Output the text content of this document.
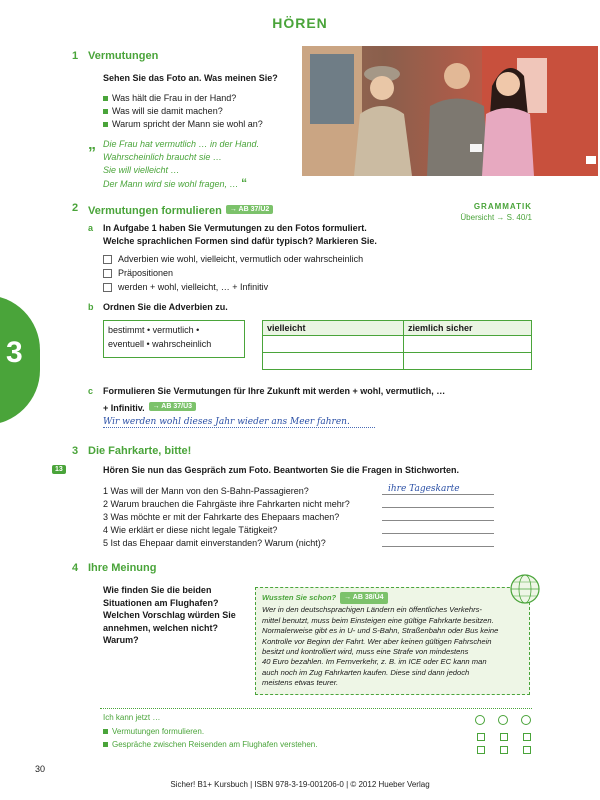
HÖREN
3
1 Vermutungen
Sehen Sie das Foto an. Was meinen Sie?
Was hält die Frau in der Hand?
Was will sie damit machen?
Warum spricht der Mann sie wohl an?
„ Die Frau hat vermutlich … in der Hand.
Wahrscheinlich braucht sie …
Sie will vielleicht …
Der Mann wird sie wohl fragen, … “
2 Vermutungen formulieren → AB 37/Ü2	GRAMMATIK
Übersicht → S. 40/1
a In Aufgabe 1 haben Sie Vermutungen zu den Fotos formuliert.
Welche sprachlichen Formen sind dafür typisch? Markieren Sie.
Adverbien wie wohl, vielleicht, vermutlich oder wahrscheinlich
Präpositionen
werden + wohl, vielleicht, … + Infinitiv
b Ordnen Sie die Adverbien zu.
bestimmt • vermutlich •
eventuell • wahrscheinlich
vielleicht	ziemlich sicher

c Formulieren Sie Vermutungen für Ihre Zukunft mit werden + wohl, vermutlich, …
+ Infinitiv. → AB 37/Ü3
Wir werden wohl dieses Jahr wieder ans Meer fahren.
3 Die Fahrkarte, bitte!
13	Hören Sie nun das Gespräch zum Foto. Beantworten Sie die Fragen in Stichworten.
1 Was will der Mann von den S-Bahn-Passagieren?
2 Warum brauchen die Fahrgäste ihre Fahrkarten nicht mehr?
3 Was möchte er mit der Fahrkarte des Ehepaars machen?
4 Wie erklärt er diese nicht legale Tätigkeit?
5 Ist das Ehepaar damit einverstanden? Warum (nicht)?
ihre Tageskarte
4 Ihre Meinung
Wie finden Sie die beiden
Situationen am Flughafen?
Welchen Vorschlag würden Sie
annehmen, welchen nicht?
Warum?
Wussten Sie schon? → AB 38/Ü4
Wer in den deutschsprachigen Ländern ein öffentliches Verkehrs-
mittel benutzt, muss beim Einsteigen eine gültige Fahrkarte besitzen.
Normalerweise gibt es in U- und S-Bahn, Straßenbahn oder Bus keine
Kontrolle vor Beginn der Fahrt. Wer aber keinen gültigen Fahrschein
besitzt und kontrolliert wird, muss eine Strafe von mindestens
40 Euro bezahlen. Im Fernverkehr, z. B. im ICE oder EC kann man
auch noch im Zug Fahrkarten kaufen. Diese sind dann jedoch
meistens etwas teurer.
Ich kann jetzt …
Vermutungen formulieren.
Gespräche zwischen Reisenden am Flughafen verstehen.
30
Sicher! B1+ Kursbuch | ISBN 978-3-19-001206-0 | © 2012 Hueber Verlag
